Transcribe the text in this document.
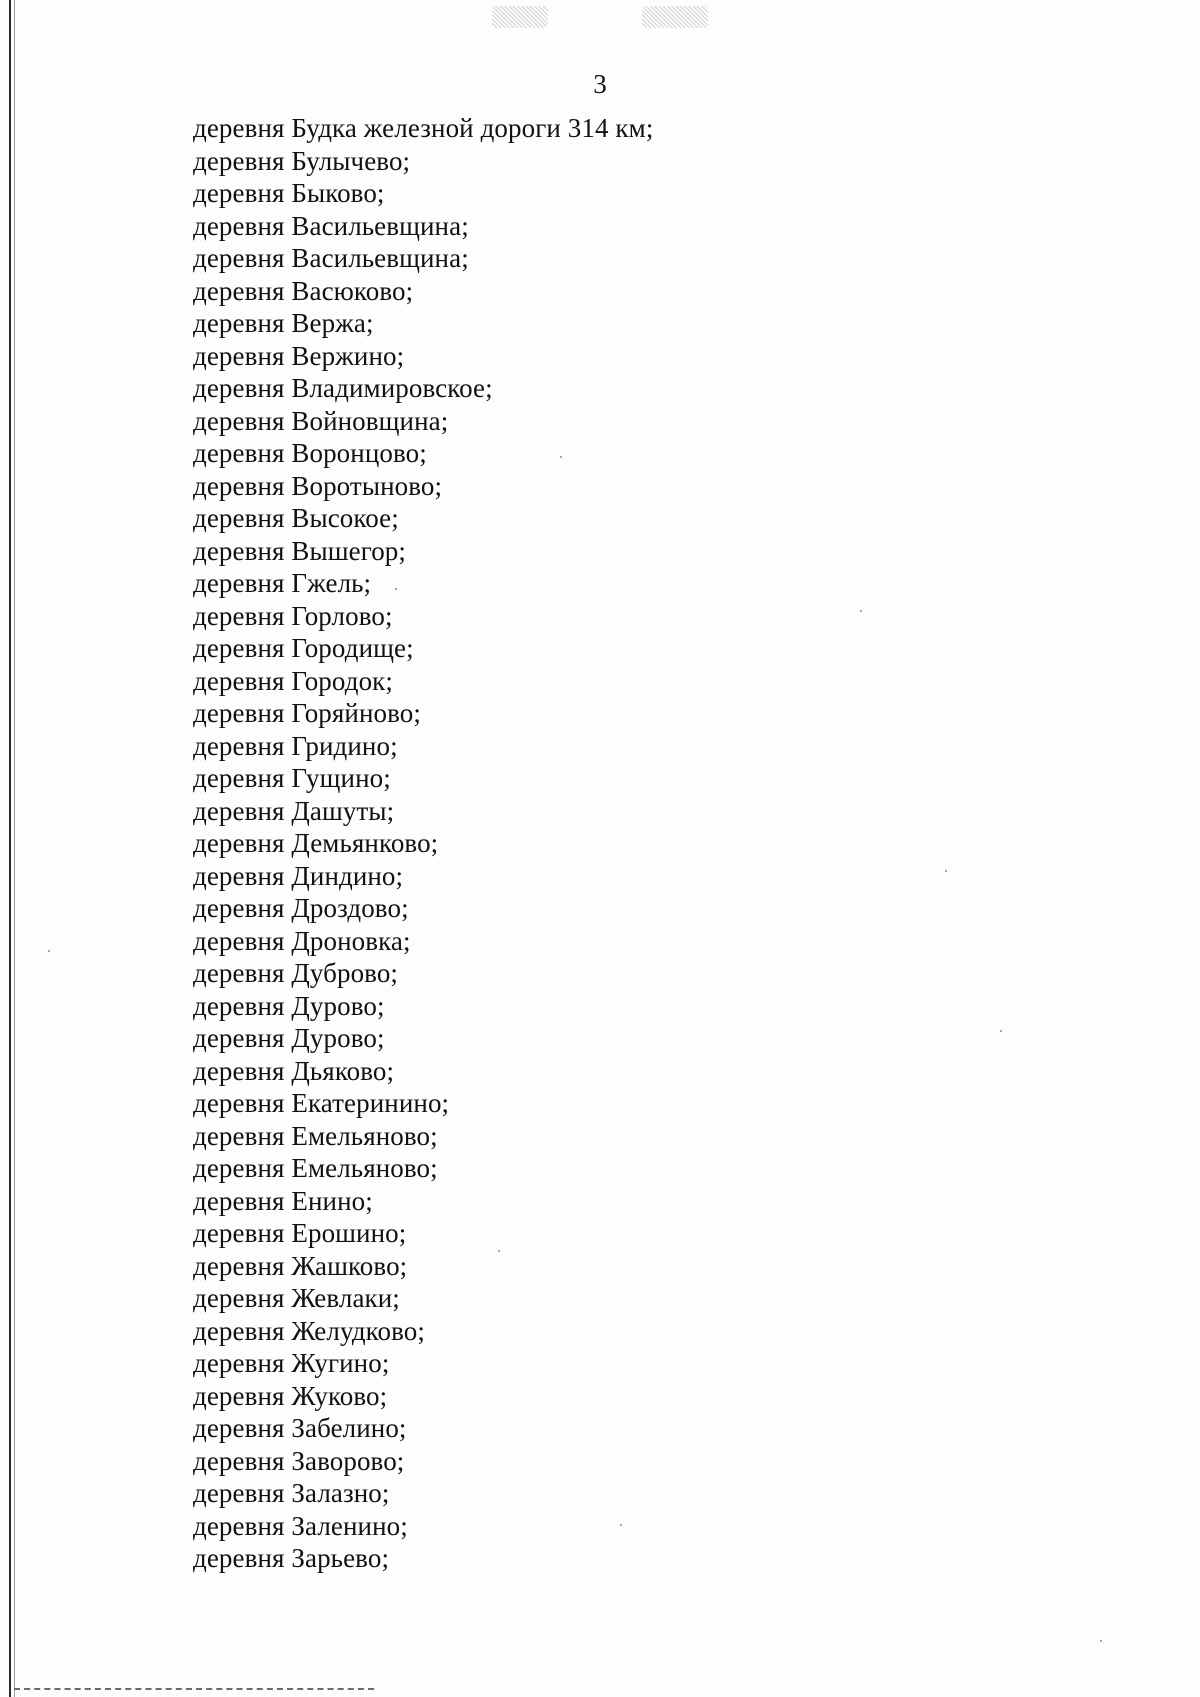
3
деревня Будка железной дороги 314 км;
деревня Булычево;
деревня Быково;
деревня Васильевщина;
деревня Васильевщина;
деревня Васюково;
деревня Вержа;
деревня Вержино;
деревня Владимировское;
деревня Войновщина;
деревня Воронцово;
деревня Воротыново;
деревня Высокое;
деревня Вышегор;
деревня Гжель;
деревня Горлово;
деревня Городище;
деревня Городок;
деревня Горяйново;
деревня Гридино;
деревня Гущино;
деревня Дашуты;
деревня Демьянково;
деревня Диндино;
деревня Дроздово;
деревня Дроновка;
деревня Дуброво;
деревня Дурово;
деревня Дурово;
деревня Дьяково;
деревня Екатеринино;
деревня Емельяново;
деревня Емельяново;
деревня Енино;
деревня Ерошино;
деревня Жашково;
деревня Жевлаки;
деревня Желудково;
деревня Жугино;
деревня Жуково;
деревня Забелино;
деревня Заворово;
деревня Залазно;
деревня Заленино;
деревня Зарьево;
